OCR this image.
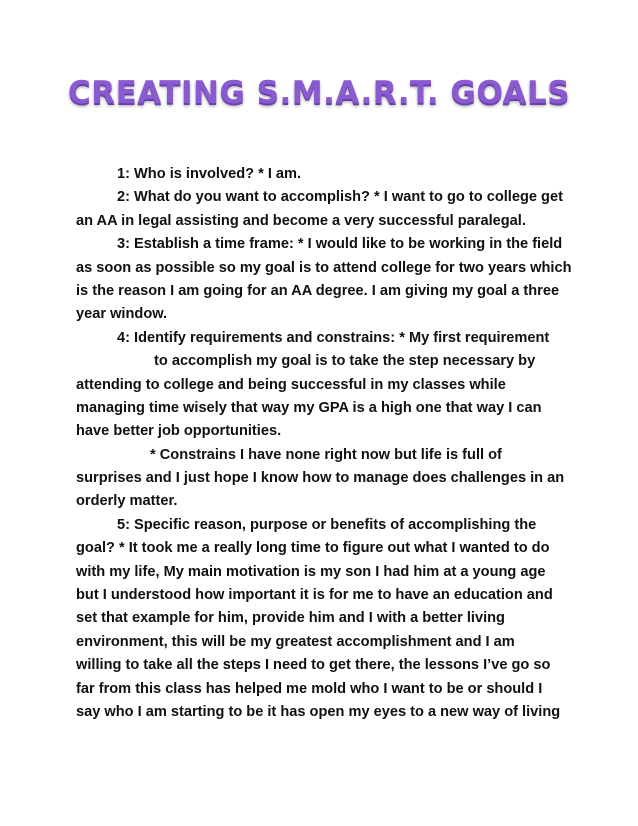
CREATING S.M.A.R.T. GOALS
1: Who is involved? * I am.
2: What do you want to accomplish? * I want to go to college get
an AA in legal assisting and become a very successful paralegal.
3: Establish a time frame: * I would like to be working in the field
as soon as possible so my goal is to attend college for two years which
is the reason I am going for an AA degree. I am giving my goal a three
year window.
4: Identify requirements and constrains: * My first requirement
to accomplish my goal is to take the step necessary by
attending to college and being successful in my classes while
managing time wisely that way my GPA is a high one that way I can
have better job opportunities.
* Constrains I have none right now but life is full of
surprises and I just hope I know how to manage does challenges in an
orderly matter.
5: Specific reason, purpose or benefits of accomplishing the
goal? * It took me a really long time to figure out what I wanted to do
with my life, My main motivation is my son I had him at a young age
but I understood how important it is for me to have an education and
set that example for him, provide him and I with a better living
environment, this will be my greatest accomplishment and I am
willing to take all the steps I need to get there, the lessons I’ve go so
far from this class has helped me mold who I want to be or should I
say who I am starting to be it has open my eyes to a new way of living
